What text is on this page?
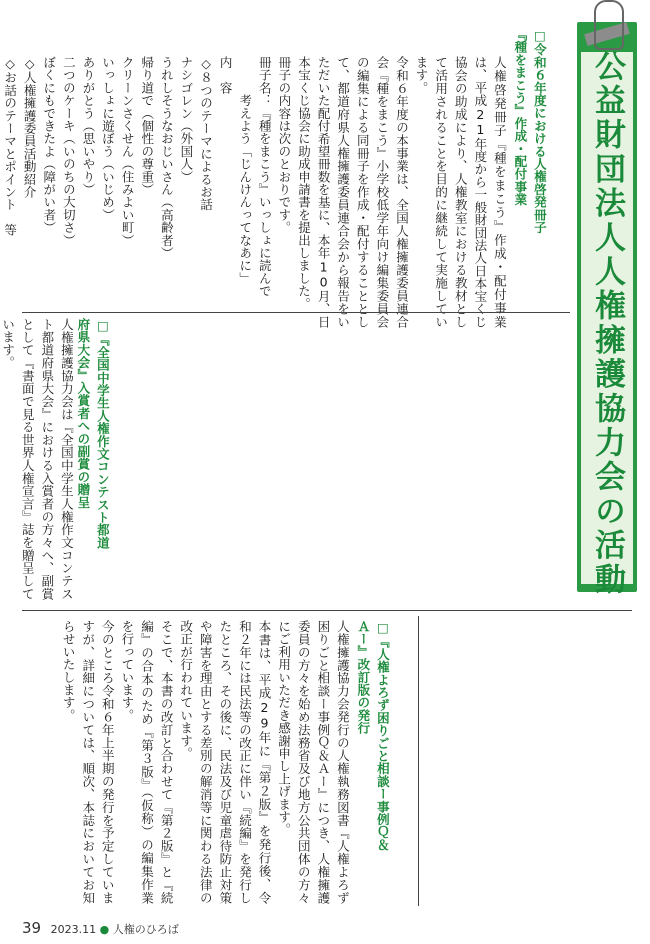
公益財団法人人権擁護協力会の活動

□令和６年度における人権啓発冊子
『種をまこう』作成・配付事業

人権啓発冊子『種をまこう』作成・配付事業は、平成21年度から一般財団法人日本宝くじ協会の助成により、人権教室における教材として活用されることを目的に継続して実施しています。
令和６年度の本事業は、全国人権擁護委員連合会『種をまこう』小学校低学年向け編集委員会の編集による同冊子を作成・配付することとして、都道府県人権擁護委員連合会から報告をいただいた配付希望冊数を基に、本年10月、日本宝くじ協会に助成申請書を提出しました。
冊子の内容は次のとおりです。
冊子名：『種をまこう』いっしょに読んで
　　　考えよう「じんけんってなあに」
内　容
◇８つのテーマによるお話
ナシゴレン（外国人）
うれしそうなおじいさん（高齢者）
帰り道で（個性の尊重）
クリーンさくせん（住みよい町）
いっしょに遊ぼう（いじめ）
ありがとう（思いやり）
二つのケーキ（いのちの大切さ）
ぼくにもできたよ（障がい者）
◇人権擁護委員活動紹介
◇お話のテーマとポイント　等

□『全国中学生人権作文コンテスト都道
府県大会』入賞者への副賞の贈呈

人権擁護協力会は『全国中学生人権作文コンテスト都道府県大会』における入賞者の方々へ、副賞として『書面で見る世界人権宣言』誌を贈呈しています。

□『人権よろず困りごと相談ー事例Ｑ＆
Ａー』改訂版の発行

人権擁護協力会発行の人権執務図書『人権よろず困りごと相談ー事例Ｑ＆Ａー』につき、人権擁護委員の方々を始め法務省及び地方公共団体の方々にご利用いただき感謝申し上げます。
本書は、平成29年に『第２版』を発行後、令和２年には民法等の改正に伴い『続編』を発行したところ、その後に、民法及び児童虐待防止対策や障害を理由とする差別の解消等に関わる法律の改正が行われています。
そこで、本書の改訂と合わせて『第２版』と『続編』の合本のため『第３版』（仮称）の編集作業を行っています。
今のところ令和６年上半期の発行を予定していますが、詳細については、順次、本誌においてお知らせいたします。

39 2023.11 ● 人権のひろば
